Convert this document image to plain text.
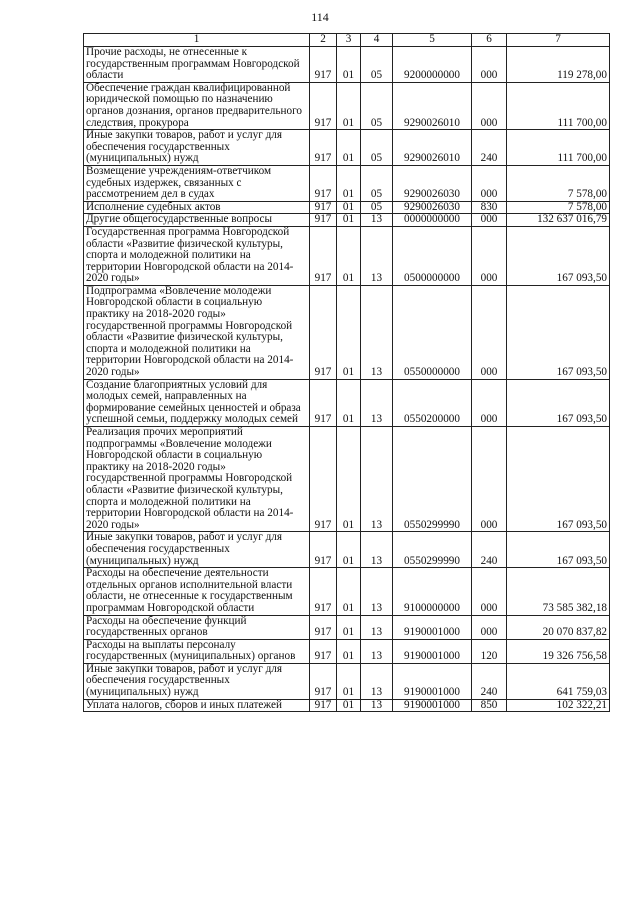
114
1	2	3	4	5	6	7
Прочие расходы, не отнесенные к государственным программам Новгородской области	917	01	05	9200000000	000	119 278,00
Обеспечение граждан квалифицированной юридической помощью по назначению органов дознания, органов предварительного следствия, прокурора	917	01	05	9290026010	000	111 700,00
Иные закупки товаров, работ и услуг для обеспечения государственных (муниципальных) нужд	917	01	05	9290026010	240	111 700,00
Возмещение учреждениям-ответчиком судебных издержек, связанных с рассмотрением дел в судах	917	01	05	9290026030	000	7 578,00
Исполнение судебных актов	917	01	05	9290026030	830	7 578,00
Другие общегосударственные вопросы	917	01	13	0000000000	000	132 637 016,79
Государственная программа Новгородской области «Развитие физической культуры, спорта и молодежной политики на территории Новгородской области на 2014-2020 годы»	917	01	13	0500000000	000	167 093,50
Подпрограмма «Вовлечение молодежи Новгородской области в социальную практику на 2018-2020 годы» государственной программы Новгородской области «Развитие физической культуры, спорта и молодежной политики на территории Новгородской области на 2014-2020 годы»	917	01	13	0550000000	000	167 093,50
Создание благоприятных условий для молодых семей, направленных на формирование семейных ценностей и образа успешной семьи, поддержку молодых семей	917	01	13	0550200000	000	167 093,50
Реализация прочих мероприятий подпрограммы «Вовлечение молодежи Новгородской области в социальную практику на 2018-2020 годы» государственной программы Новгородской области «Развитие физической культуры, спорта и молодежной политики на территории Новгородской области на 2014-2020 годы»	917	01	13	0550299990	000	167 093,50
Иные закупки товаров, работ и услуг для обеспечения государственных (муниципальных) нужд	917	01	13	0550299990	240	167 093,50
Расходы на обеспечение деятельности отдельных органов исполнительной власти области, не отнесенные к государственным программам Новгородской области	917	01	13	9100000000	000	73 585 382,18
Расходы на обеспечение функций государственных органов	917	01	13	9190001000	000	20 070 837,82
Расходы на выплаты персоналу государственных (муниципальных) органов	917	01	13	9190001000	120	19 326 756,58
Иные закупки товаров, работ и услуг для обеспечения государственных (муниципальных) нужд	917	01	13	9190001000	240	641 759,03
Уплата налогов, сборов и иных платежей	917	01	13	9190001000	850	102 322,21
